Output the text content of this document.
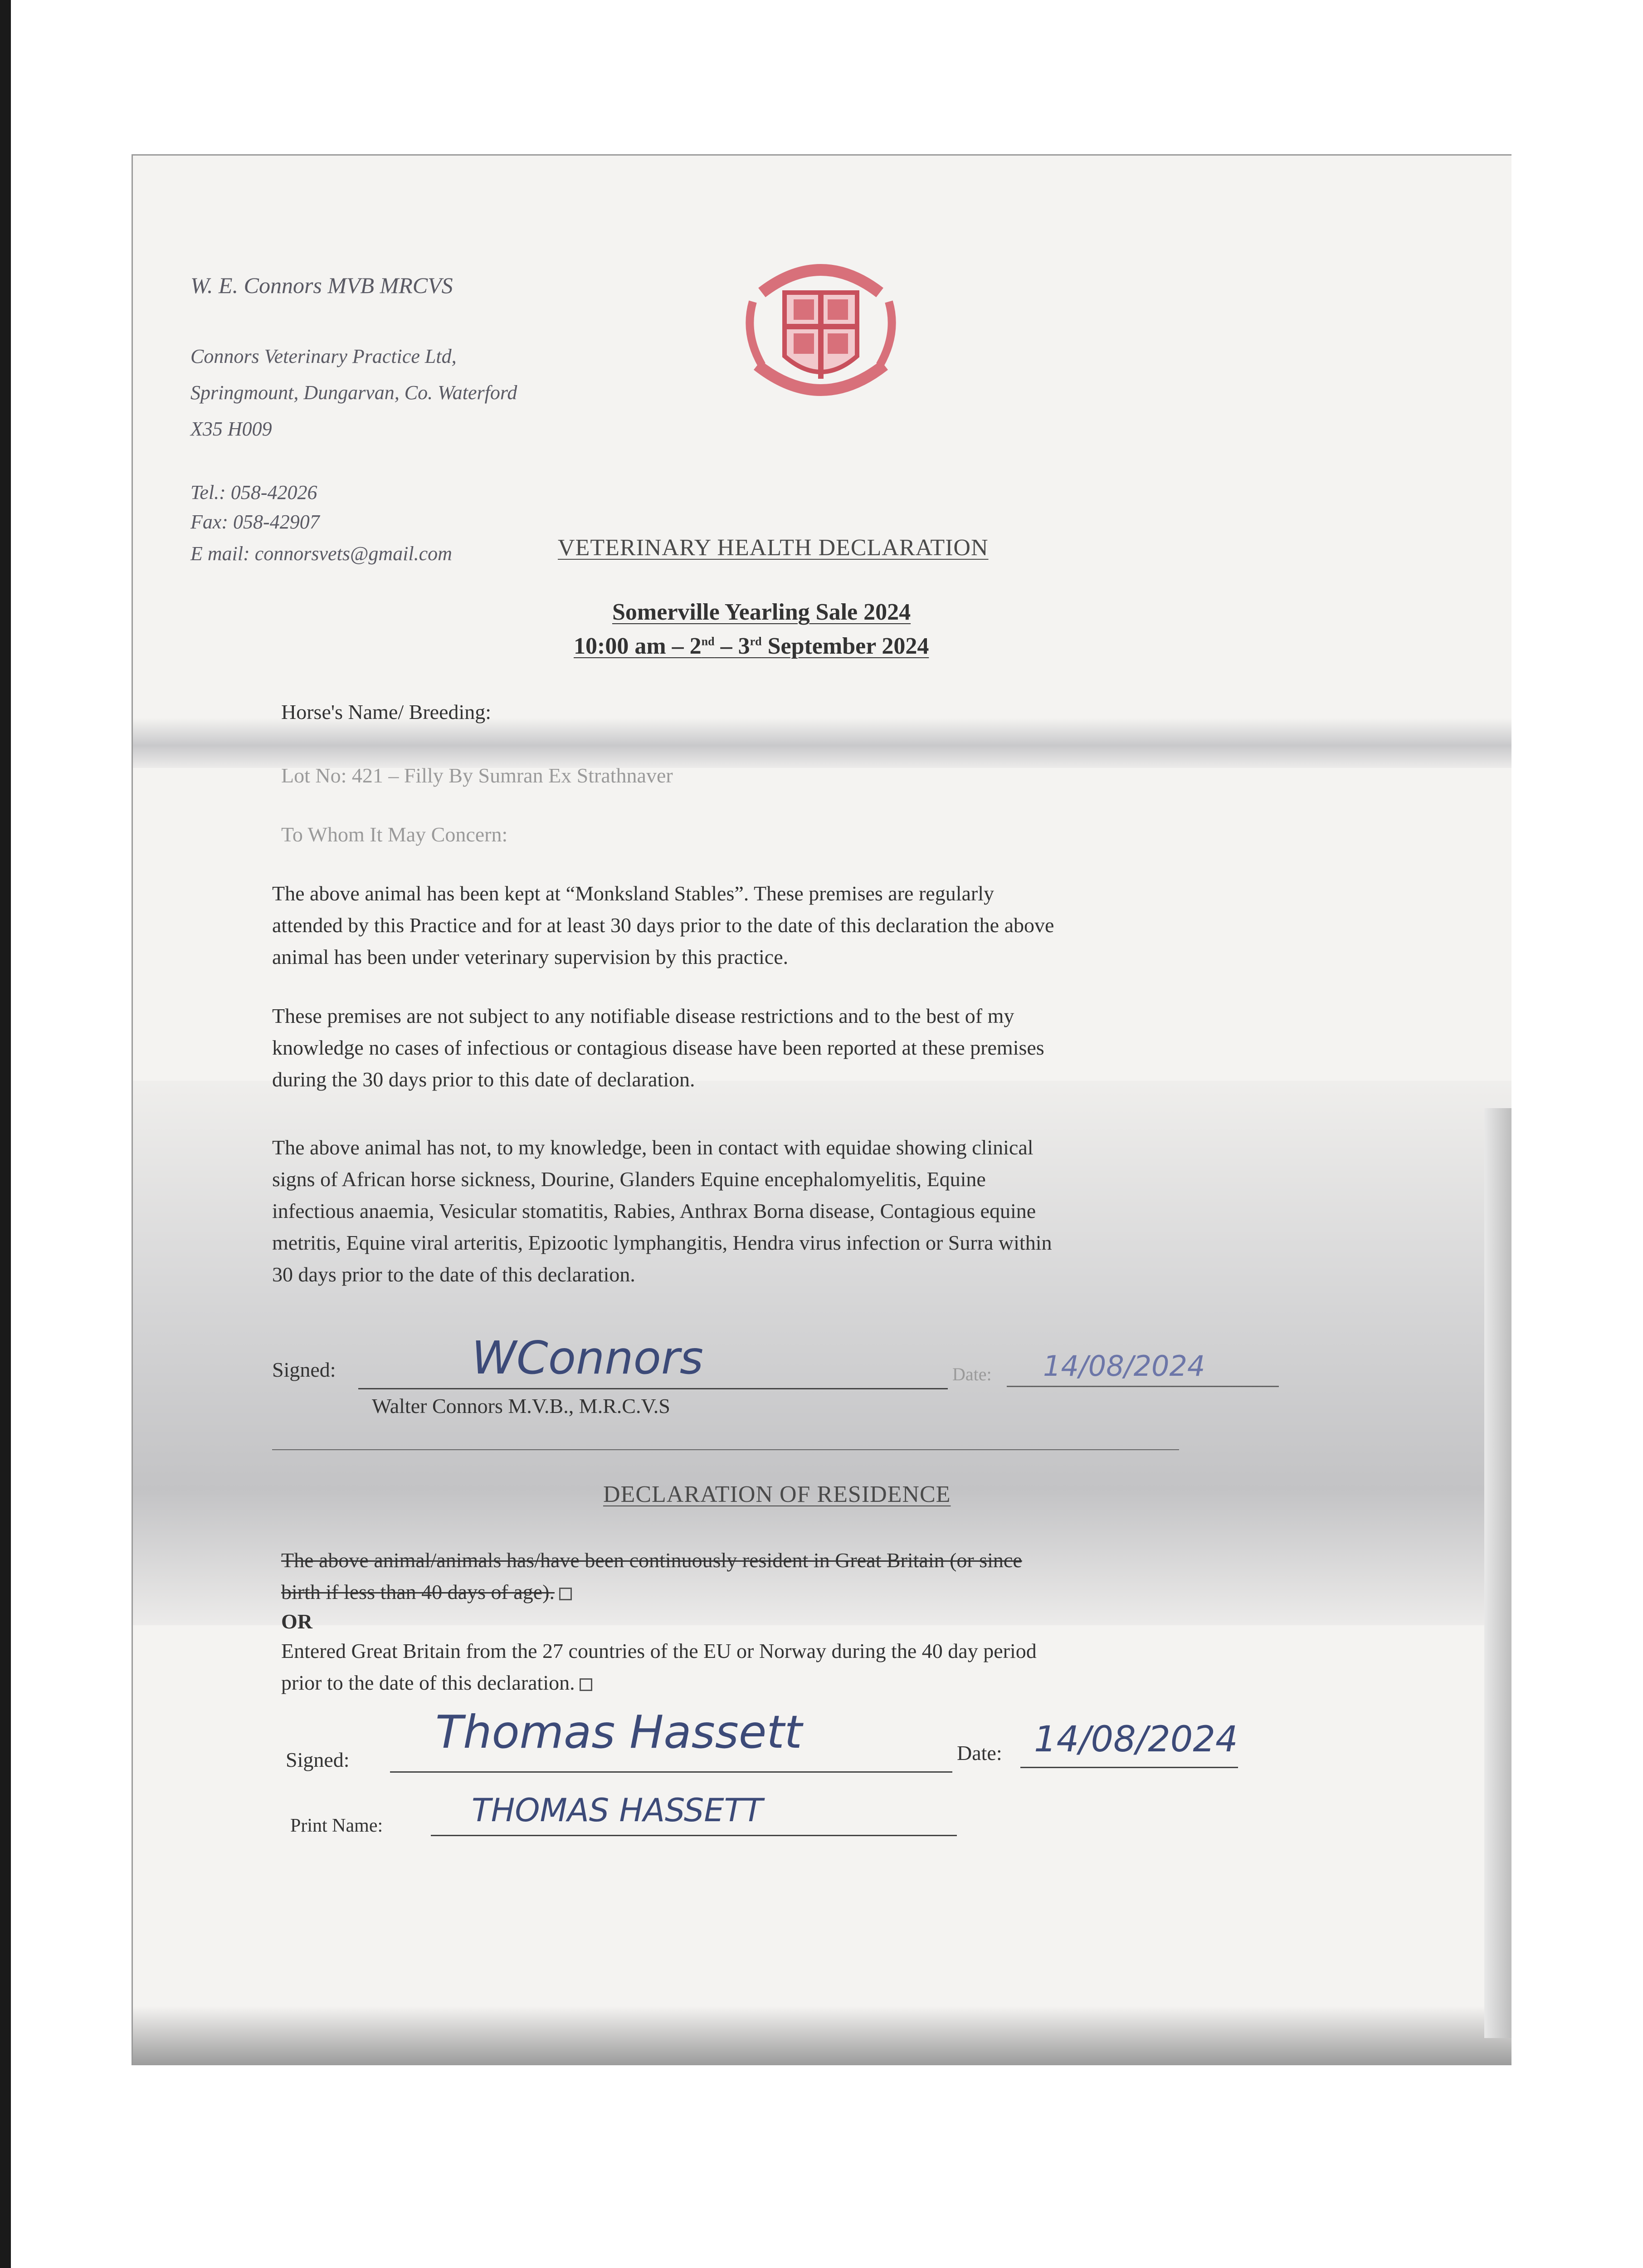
W. E. Connors MVB MRCVS
Connors Veterinary Practice Ltd,
Springmount, Dungarvan, Co. Waterford
X35 H009
Tel.: 058-42026
Fax: 058-42907
E mail: connorsvets@gmail.com	VETERINARY HEALTH DECLARATION
Somerville Yearling Sale 2024
10:00 am – 2nd – 3rd September 2024
Horse's Name/ Breeding:
Lot No: 421 – Filly By Sumran Ex Strathnaver
To Whom It May Concern:
The above animal has been kept at “Monksland Stables”. These premises are regularly
attended by this Practice and for at least 30 days prior to the date of this declaration the above
animal has been under veterinary supervision by this practice.
These premises are not subject to any notifiable disease restrictions and to the best of my
knowledge no cases of infectious or contagious disease have been reported at these premises
during the 30 days prior to this date of declaration.
The above animal has not, to my knowledge, been in contact with equidae showing clinical
signs of African horse sickness, Dourine, Glanders Equine encephalomyelitis, Equine
infectious anaemia, Vesicular stomatitis, Rabies, Anthrax Borna disease, Contagious equine
metritis, Equine viral arteritis, Epizootic lymphangitis, Hendra virus infection or Surra within
30 days prior to the date of this declaration.
Signed:	WConnors	Date: 14/08/2024
Walter Connors M.V.B., M.R.C.V.S
DECLARATION OF RESIDENCE
The above animal/animals has/have been continuously resident in Great Britain (or since
birth if less than 40 days of age).
OR
Entered Great Britain from the 27 countries of the EU or Norway during the 40 day period
prior to the date of this declaration.
Signed:
Thomas Hassett	Date: 14/08/2024
Print Name:	THOMAS HASSETT
